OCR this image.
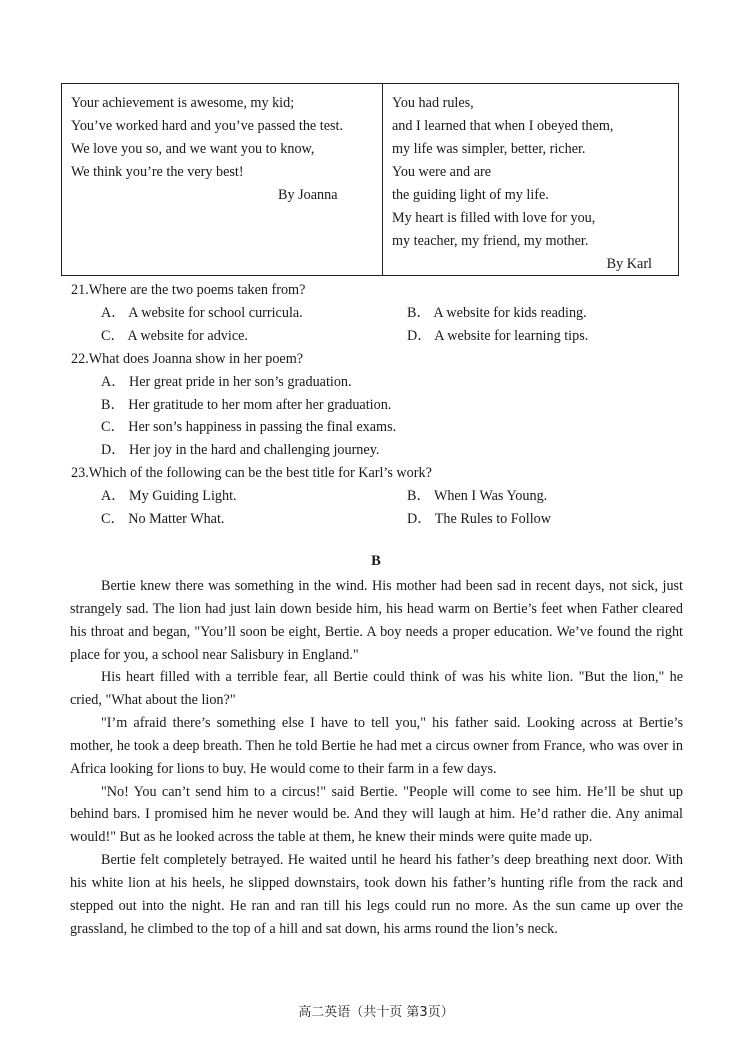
Your achievement is awesome, my kid;
You’ve worked hard and you’ve passed the test.
We love you so, and we want you to know,
We think you’re the very best!
By Joanna
You had rules,
and I learned that when I obeyed them,
my life was simpler, better, richer.
You were and are
the guiding light of my life.
My heart is filled with love for you,
my teacher, my friend, my mother.
By Karl
21.Where are the two poems taken from?
A． A website for school curricula.	B． A website for kids reading.
C． A website for advice.	D． A website for learning tips.
22.What does Joanna show in her poem?
A． Her great pride in her son’s graduation.
B． Her gratitude to her mom after her graduation.
C． Her son’s happiness in passing the final exams.
D． Her joy in the hard and challenging journey.
23.Which of the following can be the best title for Karl’s work?
A． My Guiding Light.	B． When I Was Young.
C． No Matter What.	D． The Rules to Follow
B

Bertie knew there was something in the wind. His mother had been sad in recent days, not sick, just strangely sad. The lion had just lain down beside him, his head warm on Bertie’s feet when Father cleared his throat and began, "You’ll soon be eight, Bertie. A boy needs a proper education. We’ve found the right place for you, a school near Salisbury in England."

His heart filled with a terrible fear, all Bertie could think of was his white lion. "But the lion," he cried, "What about the lion?"

"I’m afraid there’s something else I have to tell you," his father said. Looking across at Bertie’s mother, he took a deep breath. Then he told Bertie he had met a circus owner from France, who was over in Africa looking for lions to buy. He would come to their farm in a few days.

"No! You can’t send him to a circus!" said Bertie. "People will come to see him. He’ll be shut up behind bars. I promised him he never would be. And they will laugh at him. He’d rather die. Any animal would!" But as he looked across the table at them, he knew their minds were quite made up.

Bertie felt completely betrayed. He waited until he heard his father’s deep breathing next door. With his white lion at his heels, he slipped downstairs, took down his father’s hunting rifle from the rack and stepped out into the night. He ran and ran till his legs could run no more. As the sun came up over the grassland, he climbed to the top of a hill and sat down, his arms round the lion’s neck.

高二英语（共十页 第3页）
